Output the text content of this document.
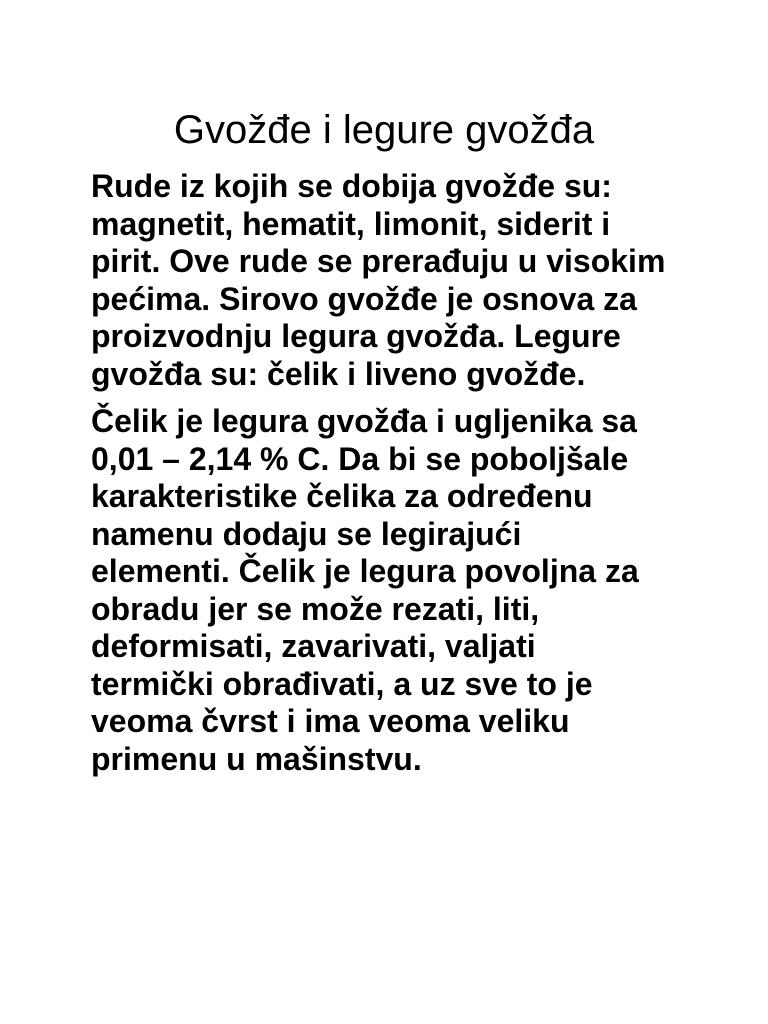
Gvožđe i legure gvožđa

Rude iz kojih se dobija gvožđe su:
magnetit, hematit, limonit, siderit i
pirit. Ove rude se prerađuju u visokim
pećima. Sirovo gvožđe je osnova za
proizvodnju legura gvožđa. Legure
gvožđa su: čelik i liveno gvožđe.

Čelik je legura gvožđa i ugljenika sa
0,01 – 2,14 % C. Da bi se poboljšale
karakteristike čelika za određenu
namenu dodaju se legirajući
elementi. Čelik je legura povoljna za
obradu jer se može rezati, liti,
deformisati, zavarivati, valjati
termički obrađivati, a uz sve to je
veoma čvrst i ima veoma veliku
primenu u mašinstvu.
